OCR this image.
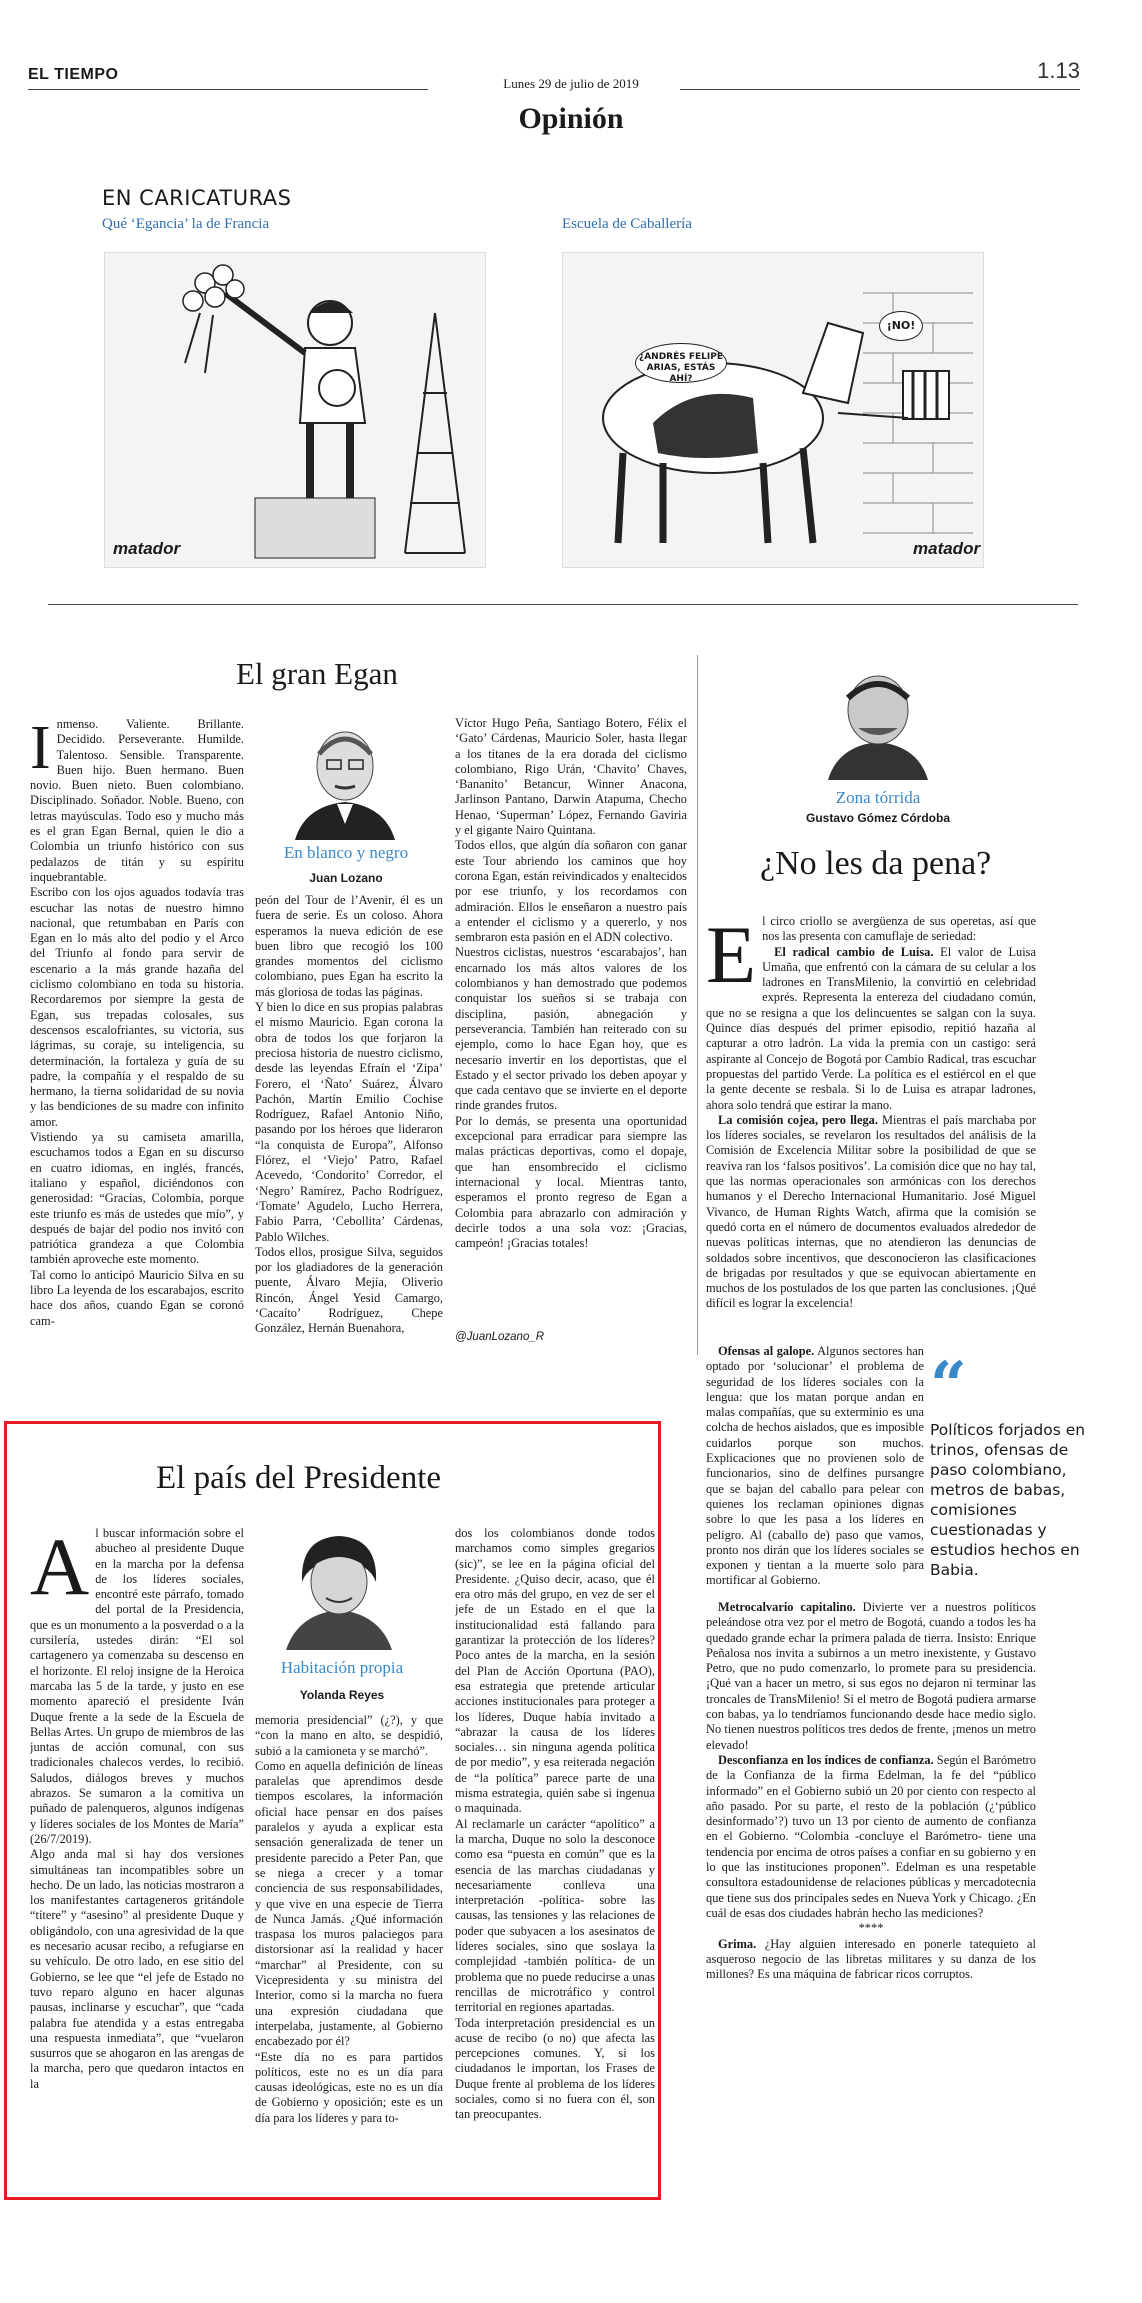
EL TIEMPO
Lunes 29 de julio de 2019
1.13
Opinión
EN CARICATURAS
Qué ‘Egancia’ la de Francia	Escuela de Caballería
matador
¿ANDRÉS FELIPE ARIAS, ESTÁS AHÍ?
¡NO!
matador
El gran Egan
En blanco y negro
Juan Lozano
I nmenso. Valiente. Brillante. Decidido. Perseverante. Humilde. Talentoso. Sensible. Transparente. Buen hijo. Buen hermano. Buen novio. Buen nieto. Buen colombiano. Disciplinado. Soñador. Noble. Bueno, con letras mayúsculas. Todo eso y mucho más es el gran Egan Bernal, quien le dio a Colombia un triunfo histórico con sus pedalazos de titán y su espíritu inquebrantable.
Escribo con los ojos aguados todavía tras escuchar las notas de nuestro himno nacional, que retumbaban en París con Egan en lo más alto del podio y el Arco del Triunfo al fondo para servir de escenario a la más grande hazaña del ciclismo colombiano en toda su historia. Recordaremos por siempre la gesta de Egan, sus trepadas colosales, sus descensos escalofriantes, su victoria, sus lágrimas, su coraje, su inteligencia, su determinación, la fortaleza y guía de su padre, la compañía y el respaldo de su hermano, la tierna solidaridad de su novia y las bendiciones de su madre con infinito amor.
Vistiendo ya su camiseta amarilla, escuchamos todos a Egan en su discurso en cuatro idiomas, en inglés, francés, italiano y español, diciéndonos con generosidad: “Gracias, Colombia, porque este triunfo es más de ustedes que mío”, y después de bajar del podio nos invitó con patriótica grandeza a que Colombia también aproveche este momento.
Tal como lo anticipó Mauricio Silva en su libro La leyenda de los escarabajos, escrito hace dos años, cuando Egan se coronó cam-
peón del Tour de l’Avenir, él es un fuera de serie. Es un coloso. Ahora esperamos la nueva edición de ese buen libro que recogió los 100 grandes momentos del ciclismo colombiano, pues Egan ha escrito la más gloriosa de todas las páginas.
Y bien lo dice en sus propias palabras el mismo Mauricio. Egan corona la obra de todos los que forjaron la preciosa historia de nuestro ciclismo, desde las leyendas Efraín el ‘Zipa’ Forero, el ‘Ñato’ Suárez, Álvaro Pachón, Martín Emilio Cochise Rodríguez, Rafael Antonio Niño, pasando por los héroes que lideraron “la conquista de Europa”, Alfonso Flórez, el ‘Viejo’ Patro, Rafael Acevedo, ‘Condorito’ Corredor, el ‘Negro’ Ramírez, Pacho Rodríguez, ‘Tomate’ Agudelo, Lucho Herrera, Fabio Parra, ‘Cebollita’ Cárdenas, Pablo Wilches.
Todos ellos, prosigue Silva, seguidos por los gladiadores de la generación puente, Álvaro Mejía, Oliverio Rincón, Ángel Yesid Camargo, ‘Cacaíto’ Rodríguez, Chepe González, Hernán Buenahora,
Víctor Hugo Peña, Santiago Botero, Félix el ‘Gato’ Cárdenas, Mauricio Soler, hasta llegar a los titanes de la era dorada del ciclismo colombiano, Rigo Urán, ‘Chavito’ Chaves, ‘Bananito’ Betancur, Winner Anacona, Jarlinson Pantano, Darwin Atapuma, Checho Henao, ‘Superman’ López, Fernando Gaviria y el gigante Nairo Quintana.
Todos ellos, que algún día soñaron con ganar este Tour abriendo los caminos que hoy corona Egan, están reivindicados y enaltecidos por ese triunfo, y los recordamos con admiración. Ellos le enseñaron a nuestro país a entender el ciclismo y a quererlo, y nos sembraron esta pasión en el ADN colectivo.
Nuestros ciclistas, nuestros ‘escarabajos’, han encarnado los más altos valores de los colombianos y han demostrado que podemos conquistar los sueños si se trabaja con disciplina, pasión, abnegación y perseverancia. También han reiterado con su ejemplo, como lo hace Egan hoy, que es necesario invertir en los deportistas, que el Estado y el sector privado los deben apoyar y que cada centavo que se invierte en el deporte rinde grandes frutos.
Por lo demás, se presenta una oportunidad excepcional para erradicar para siempre las malas prácticas deportivas, como el dopaje, que han ensombrecido el ciclismo internacional y local. Mientras tanto, esperamos el pronto regreso de Egan a Colombia para abrazarlo con admiración y decirle todos a una sola voz: ¡Gracias, campeón! ¡Gracias totales!
@JuanLozano_R
Zona tórrida
Gustavo Gómez Córdoba
¿No les da pena?
E l circo criollo se avergüenza de sus operetas, así que nos las presenta con camuflaje de seriedad:

El radical cambio de Luisa. El valor de Luisa Umaña, que enfrentó con la cámara de su celular a los ladrones en TransMilenio, la convirtió en celebridad exprés. Representa la entereza del ciudadano común, que no se resigna a que los delincuentes se salgan con la suya. Quince días después del primer episodio, repitió hazaña al capturar a otro ladrón. La vida la premia con un castigo: será aspirante al Concejo de Bogotá por Cambio Radical, tras escuchar propuestas del partido Verde. La política es el estiércol en el que la gente decente se resbala. Si lo de Luisa es atrapar ladrones, ahora solo tendrá que estirar la mano.

La comisión cojea, pero llega. Mientras el país marchaba por los líderes sociales, se revelaron los resultados del análisis de la Comisión de Excelencia Militar sobre la posibilidad de que se reaviva ran los ‘falsos positivos’. La comisión dice que no hay tal, que las normas operacionales son armónicas con los derechos humanos y el Derecho Internacional Humanitario. José Miguel Vivanco, de Human Rights Watch, afirma que la comisión se quedó corta en el número de documentos evaluados alrededor de nuevas políticas internas, que no atendieron las denuncias de soldados sobre incentivos, que desconocieron las clasificaciones de brigadas por resultados y que se equivocan abiertamente en muchos de los postulados de los que parten las conclusiones. ¡Qué difícil es lograr la excelencia!

Ofensas al galope. Algunos sectores han optado por ‘solucionar’ el problema de seguridad de los líderes sociales con la lengua: que los matan porque andan en malas compañías, que su exterminio es una colcha de hechos aislados, que es imposible cuidarlos porque son muchos. Explicaciones que no provienen solo de funcionarios, sino de delfines pursangre que se bajan del caballo para pelear con quienes los reclaman opiniones dignas sobre lo que les pasa a los líderes en peligro. Al (caballo de) paso que vamos, pronto nos dirán que los líderes sociales se exponen y tientan a la muerte solo para mortificar al Gobierno.

“
Políticos forjados en trinos, ofensas de paso colombiano, metros de babas, comisiones cuestionadas y estudios hechos en Babia.

Metrocalvario capitalino. Divierte ver a nuestros políticos peleándose otra vez por el metro de Bogotá, cuando a todos les ha quedado grande echar la primera palada de tierra. Insisto: Enrique Peñalosa nos invita a subirnos a un metro inexistente, y Gustavo Petro, que no pudo comenzarlo, lo promete para su presidencia. ¡Qué van a hacer un metro, si sus egos no dejaron ni terminar las troncales de TransMilenio! Si el metro de Bogotá pudiera armarse con babas, ya lo tendríamos funcionando desde hace medio siglo. No tienen nuestros políticos tres dedos de frente, ¡menos un metro elevado!

Desconfianza en los índices de confianza. Según el Barómetro de la Confianza de la firma Edelman, la fe del “público informado” en el Gobierno subió un 20 por ciento con respecto al año pasado. Por su parte, el resto de la población (¿‘público desinformado’?) tuvo un 13 por ciento de aumento de confianza en el Gobierno. “Colombia -concluye el Barómetro- tiene una tendencia por encima de otros países a confiar en su gobierno y en lo que las instituciones proponen”. Edelman es una respetable consultora estadounidense de relaciones públicas y mercadotecnia que tiene sus dos principales sedes en Nueva York y Chicago. ¿En cuál de esas dos ciudades habrán hecho las mediciones?

****

Grima. ¿Hay alguien interesado en ponerle tatequieto al asqueroso negocio de las libretas militares y su danza de los millones? Es una máquina de fabricar ricos corruptos.

El país del Presidente
Habitación propia
Yolanda Reyes
A l buscar información sobre el abucheo al presidente Duque en la marcha por la defensa de los líderes sociales, encontré este párrafo, tomado del portal de la Presidencia, que es un monumento a la posverdad o a la cursilería, ustedes dirán: “El sol cartagenero ya comenzaba su descenso en el horizonte. El reloj insigne de la Heroica marcaba las 5 de la tarde, y justo en ese momento apareció el presidente Iván Duque frente a la sede de la Escuela de Bellas Artes. Un grupo de miembros de las juntas de acción comunal, con sus tradicionales chalecos verdes, lo recibió. Saludos, diálogos breves y muchos abrazos. Se sumaron a la comitiva un puñado de palenqueros, algunos indígenas y líderes sociales de los Montes de María” (26/7/2019).
Algo anda mal si hay dos versiones simultáneas tan incompatibles sobre un hecho. De un lado, las noticias mostraron a los manifestantes cartageneros gritándole “títere” y “asesino” al presidente Duque y obligándolo, con una agresividad de la que es necesario acusar recibo, a refugiarse en su vehículo. De otro lado, en ese sitio del Gobierno, se lee que “el jefe de Estado no tuvo reparo alguno en hacer algunas pausas, inclinarse y escuchar”, que “cada palabra fue atendida y a estas entregaba una respuesta inmediata”, que “vuelaron susurros que se ahogaron en las arengas de la marcha, pero que quedaron intactos en la
memoria presidencial” (¿?), y que “con la mano en alto, se despidió, subió a la camioneta y se marchó”.
Como en aquella definición de líneas paralelas que aprendimos desde tiempos escolares, la información oficial hace pensar en dos países paralelos y ayuda a explicar esta sensación generalizada de tener un presidente parecido a Peter Pan, que se niega a crecer y a tomar conciencia de sus responsabilidades, y que vive en una especie de Tierra de Nunca Jamás. ¿Qué información traspasa los muros palaciegos para distorsionar así la realidad y hacer “marchar” al Presidente, con su Vicepresidenta y su ministra del Interior, como si la marcha no fuera una expresión ciudadana que interpelaba, justamente, al Gobierno encabezado por él?
“Este día no es para partidos políticos, este no es un día para causas ideológicas, este no es un día de Gobierno y oposición; este es un día para los líderes y para to-
dos los colombianos donde todos marchamos como simples gregarios (sic)”, se lee en la página oficial del Presidente. ¿Quiso decir, acaso, que él era otro más del grupo, en vez de ser el jefe de un Estado en el que la institucionalidad está fallando para garantizar la protección de los líderes? Poco antes de la marcha, en la sesión del Plan de Acción Oportuna (PAO), esa estrategia que pretende articular acciones institucionales para proteger a los líderes, Duque había invitado a “abrazar la causa de los líderes sociales… sin ninguna agenda política de por medio”, y esa reiterada negación de “la política” parece parte de una misma estrategia, quién sabe si ingenua o maquinada.
Al reclamarle un carácter “apolítico” a la marcha, Duque no solo la desconoce como esa “puesta en común” que es la esencia de las marchas ciudadanas y necesariamente conlleva una interpretación -política- sobre las causas, las tensiones y las relaciones de poder que subyacen a los asesinatos de líderes sociales, sino que soslaya la complejidad -también política- de un problema que no puede reducirse a unas rencillas de microtráfico y control territorial en regiones apartadas.
Toda interpretación presidencial es un acuse de recibo (o no) que afecta las percepciones comunes. Y, si los ciudadanos le importan, los Frases de Duque frente al problema de los líderes sociales, como si no fuera con él, son tan preocupantes.
